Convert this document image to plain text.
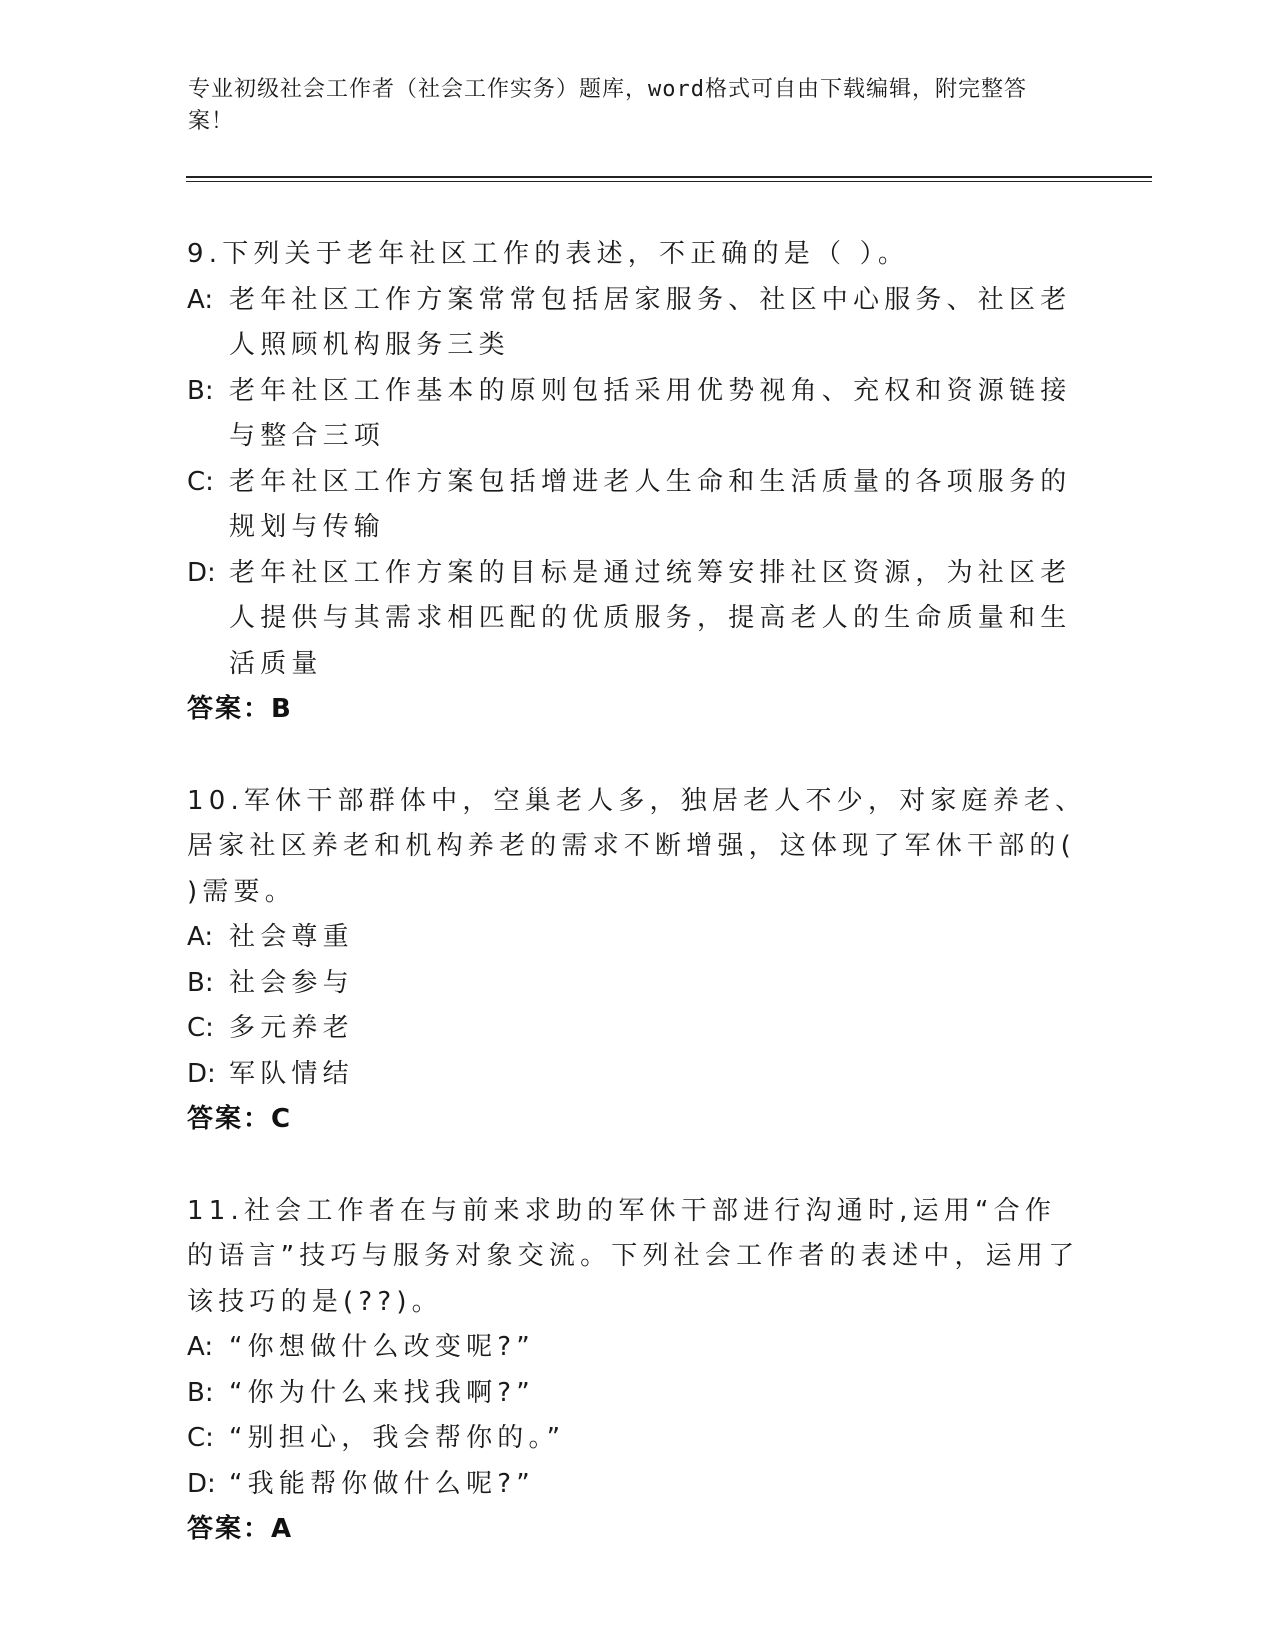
专业初级社会工作者（社会工作实务）题库，word格式可自由下载编辑，附完整答案！
9.下列关于老年社区工作的表述，不正确的是（ ）。
A: 老年社区工作方案常常包括居家服务、社区中心服务、社区老人照顾机构服务三类
B: 老年社区工作基本的原则包括采用优势视角、充权和资源链接与整合三项
C: 老年社区工作方案包括增进老人生命和生活质量的各项服务的规划与传输
D: 老年社区工作方案的目标是通过统筹安排社区资源，为社区老人提供与其需求相匹配的优质服务，提高老人的生命质量和生活质量
答案：B
10.军休干部群体中，空巢老人多，独居老人不少，对家庭养老、居家社区养老和机构养老的需求不断增强，这体现了军休干部的( )需要。
A: 社会尊重
B: 社会参与
C: 多元养老
D: 军队情结
答案：C
11.社会工作者在与前来求助的军休干部进行沟通时,运用“合作的语言”技巧与服务对象交流。下列社会工作者的表述中，运用了该技巧的是(??)。
A: “你想做什么改变呢?”
B: “你为什么来找我啊?”
C: “别担心，我会帮你的。”
D: “我能帮你做什么呢?”
答案：A
